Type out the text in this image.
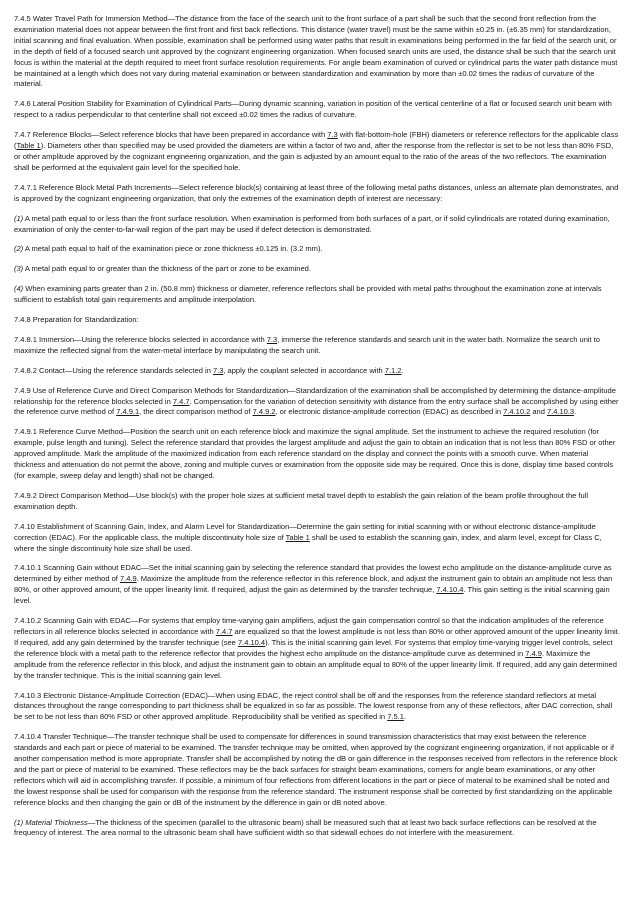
7.4.5 Water Travel Path for Immersion Method—The distance from the face of the search unit to the front surface of a part shall be such that the second front reflection from the examination material does not appear between the first front and first back reflections. This distance (water travel) must be the same within ±0.25 in. (±6.35 mm) for standardization, initial scanning and final evaluation. When possible, examination shall be performed using water paths that result in examinations being performed in the far field of the search unit, or in the depth of field of a focused search unit approved by the cognizant engineering organization. When focused search units are used, the distance shall be such that the search unit focus is within the material at the depth required to meet front surface resolution requirements. For angle beam examination of curved or cylindrical parts the water path distance must be maintained at a length which does not vary during material examination or between standardization and examination by more than ±0.02 times the radius of curvature of the material.

7.4.6 Lateral Position Stability for Examination of Cylindrical Parts—During dynamic scanning, variation in position of the vertical centerline of a flat or focused search unit beam with respect to a radius perpendicular to that centerline shall not exceed ±0.02 times the radius of curvature.

7.4.7 Reference Blocks—Select reference blocks that have been prepared in accordance with 7.3 with flat-bottom-hole (FBH) diameters or reference reflectors for the applicable class (Table 1). Diameters other than specified may be used provided the diameters are within a factor of two and, after the response from the reflector is set to be not less than 80% FSD, or other amplitude approved by the cognizant engineering organization, and the gain is adjusted by an amount equal to the ratio of the areas of the two reflectors. The examination shall be performed at the equivalent gain level for the specified hole.

7.4.7.1 Reference Block Metal Path Increments—Select reference block(s) containing at least three of the following metal paths distances, unless an alternate plan demonstrates, and is approved by the cognizant engineering organization, that only the extremes of the examination depth of interest are necessary:

(1) A metal path equal to or less than the front surface resolution. When examination is performed from both surfaces of a part, or if solid cylindricals are rotated during examination, examination of only the center-to-far-wall region of the part may be used if defect detection is demonstrated.

(2) A metal path equal to half of the examination piece or zone thickness ±0.125 in. (3.2 mm).

(3) A metal path equal to or greater than the thickness of the part or zone to be examined.

(4) When examining parts greater than 2 in. (50.8 mm) thickness or diameter, reference reflectors shall be provided with metal paths throughout the examination zone at intervals sufficient to establish total gain requirements and amplitude interpolation.

7.4.8 Preparation for Standardization:

7.4.8.1 Immersion—Using the reference blocks selected in accordance with 7.3, immerse the reference standards and search unit in the water bath. Normalize the search unit to maximize the reflected signal from the water-metal interface by manipulating the search unit.

7.4.8.2 Contact—Using the reference standards selected in 7.3, apply the couplant selected in accordance with 7.1.2.

7.4.9 Use of Reference Curve and Direct Comparison Methods for Standardization—Standardization of the examination shall be accomplished by determining the distance-amplitude relationship for the reference blocks selected in 7.4.7. Compensation for the variation of detection sensitivity with distance from the entry surface shall be accomplished by using either the reference curve method of 7.4.9.1, the direct comparison method of 7.4.9.2, or electronic distance-amplitude correction (EDAC) as described in 7.4.10.2 and 7.4.10.3.

7.4.9.1 Reference Curve Method—Position the search unit on each reference block and maximize the signal amplitude. Set the instrument to achieve the required resolution (for example, pulse length and tuning). Select the reference standard that provides the largest amplitude and adjust the gain to obtain an indication that is not less than 80% FSD or other approved amplitude. Mark the amplitude of the maximized indication from each reference standard on the display and connect the points with a smooth curve. When material thickness and attenuation do not permit the above, zoning and multiple curves or examination from the opposite side may be required. Once this is done, display time based controls (for example, sweep delay and length) shall not be changed.

7.4.9.2 Direct Comparison Method—Use block(s) with the proper hole sizes at sufficient metal travel depth to establish the gain relation of the beam profile throughout the full examination depth.

7.4.10 Establishment of Scanning Gain, Index, and Alarm Level for Standardization—Determine the gain setting for initial scanning with or without electronic distance-amplitude correction (EDAC). For the applicable class, the multiple discontinuity hole size of Table 1 shall be used to establish the scanning gain, index, and alarm level, except for Class C, where the single discontinuity hole size shall be used.

7.4.10.1 Scanning Gain without EDAC—Set the initial scanning gain by selecting the reference standard that provides the lowest echo amplitude on the distance-amplitude curve as determined by either method of 7.4.9. Maximize the amplitude from the reference reflector in this reference block, and adjust the instrument gain to obtain an amplitude not less than 80%, or other approved amount, of the upper linearity limit. If required, adjust the gain as determined by the transfer technique, 7.4.10.4. This gain setting is the initial scanning gain level.

7.4.10.2 Scanning Gain with EDAC—For systems that employ time-varying gain amplifiers, adjust the gain compensation control so that the indication amplitudes of the reference reflectors in all reference blocks selected in accordance with 7.4.7 are equalized so that the lowest amplitude is not less than 80% or other approved amount of the upper linearity limit. If required, add any gain determined by the transfer technique (see 7.4.10.4). This is the initial scanning gain level. For systems that employ time-varying trigger level controls, select the reference block with a metal path to the reference reflector that provides the highest echo amplitude on the distance-amplitude curve as determined in 7.4.9. Maximize the amplitude from the reference reflector in this block, and adjust the instrument gain to obtain an amplitude equal to 80% of the upper linearity limit. If required, add any gain determined by the transfer technique. This is the initial scanning gain level.

7.4.10.3 Electronic Distance-Amplitude Correction (EDAC)—When using EDAC, the reject control shall be off and the responses from the reference standard reflectors at metal distances throughout the range corresponding to part thickness shall be equalized in so far as possible. The lowest response from any of these reflectors, after DAC correction, shall be set to be not less than 80% FSD or other approved amplitude. Reproducibility shall be verified as specified in 7.5.1.

7.4.10.4 Transfer Technique—The transfer technique shall be used to compensate for differences in sound transmission characteristics that may exist between the reference standards and each part or piece of material to be examined. The transfer technique may be omitted, when approved by the cognizant engineering organization, if not applicable or if another compensation method is more appropriate. Transfer shall be accomplished by noting the dB or gain difference in the responses received from reflectors in the reference block and the part or piece of material to be examined. These reflectors may be the back surfaces for straight beam examinations, corners for angle beam examinations, or any other reflectors which will aid in accomplishing transfer. If possible, a minimum of four reflections from different locations in the part or piece of material to be examined shall be noted and the lowest response shall be used for comparison with the response from the reference standard. The instrument response shall be corrected by first standardizing on the applicable reference blocks and then changing the gain or dB of the instrument by the difference in gain or dB noted above.

(1) Material Thickness—The thickness of the specimen (parallel to the ultrasonic beam) shall be measured such that at least two back surface reflections can be resolved at the frequency of interest. The area normal to the ultrasonic beam shall have sufficient width so that sidewall echoes do not interfere with the measurement.
